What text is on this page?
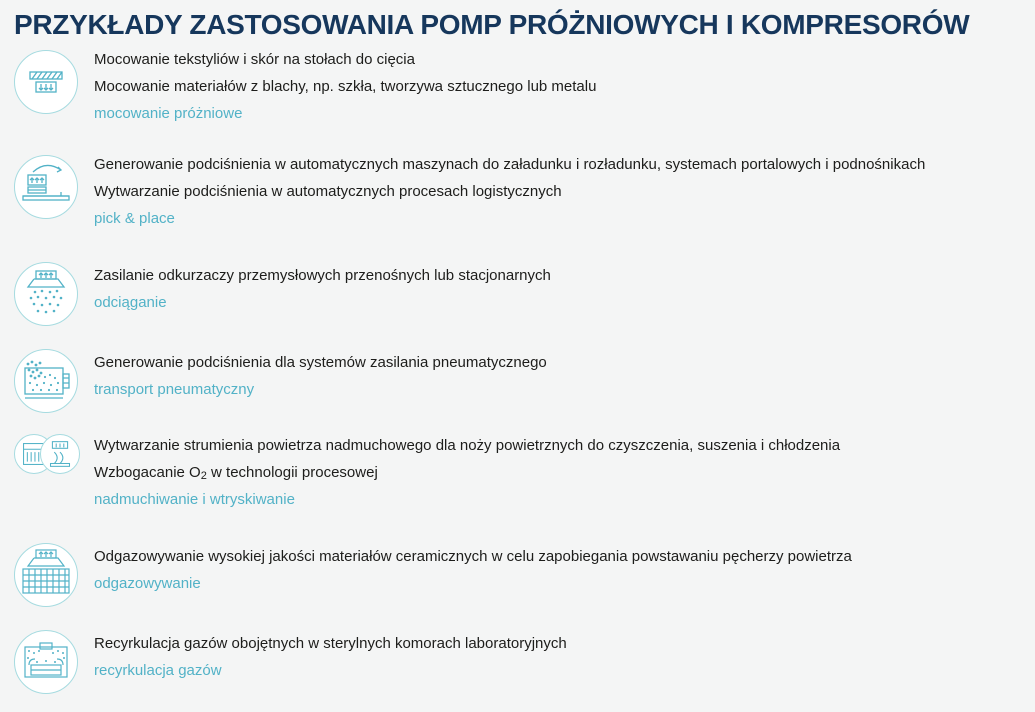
PRZYKŁADY ZASTOSOWANIA POMP PRÓŻNIOWYCH I KOMPRESORÓW
Mocowanie tekstyliów i skór na stołach do cięcia
Mocowanie materiałów z blachy, np. szkła, tworzywa sztucznego lub metalu
mocowanie próżniowe
Generowanie podciśnienia w automatycznych maszynach do załadunku i rozładunku, systemach portalowych i podnośnikach
Wytwarzanie podciśnienia w automatycznych procesach logistycznych
pick & place
Zasilanie odkurzaczy przemysłowych przenośnych lub stacjonarnych
odciąganie
Generowanie podciśnienia dla systemów zasilania pneumatycznego
transport pneumatyczny
Wytwarzanie strumienia powietrza nadmuchowego dla noży powietrznych do czyszczenia, suszenia i chłodzenia
Wzbogacanie $O_2$ w technologii procesowej
nadmuchiwanie i wtryskiwanie
Odgazowywanie wysokiej jakości materiałów ceramicznych w celu zapobiegania powstawaniu pęcherzy powietrza
odgazowywanie
Recyrkulacja gazów obojętnych w sterylnych komorach laboratoryjnych
recyrkulacja gazów
